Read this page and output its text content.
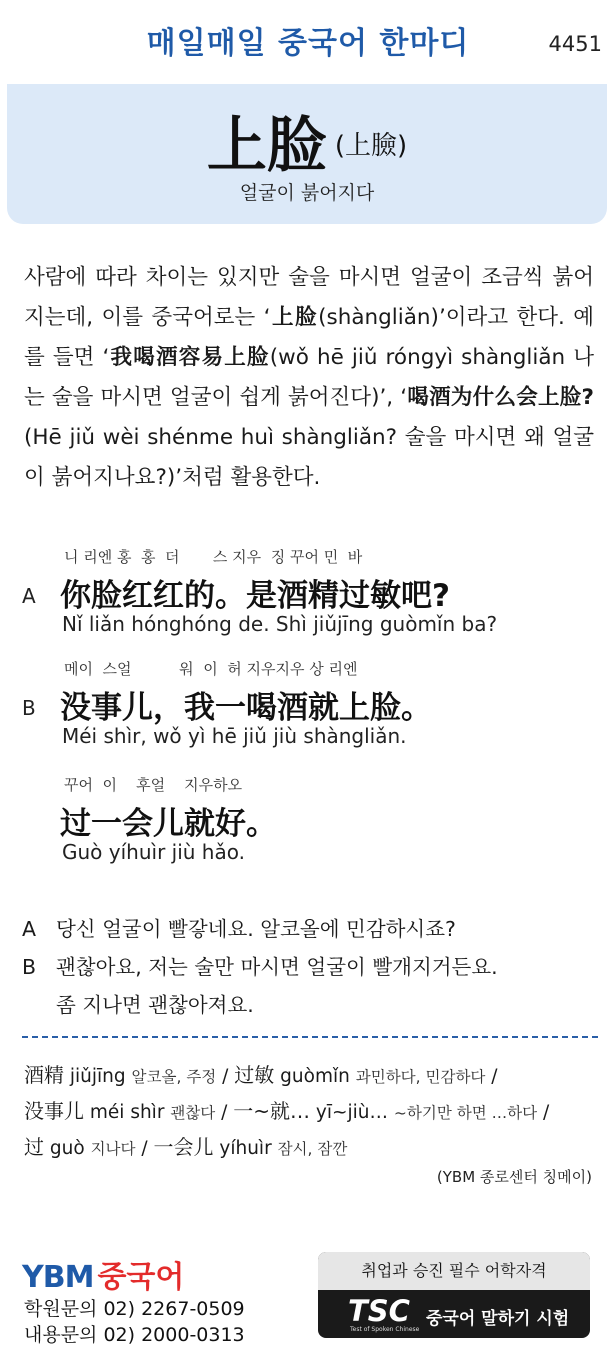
매일매일 중국어 한마디	4451
上脸 (上臉)
얼굴이 붉어지다
사람에 따라 차이는 있지만 술을 마시면 얼굴이 조금씩 붉어지는데, 이를 중국어로는 ‘上脸(shàngliǎn)’이라고 한다. 예를 들면 ‘我喝酒容易上脸(wǒ hē jiǔ róngyì shàngliǎn 나는 술을 마시면 얼굴이 쉽게 붉어진다)’, ‘喝酒为什么会上脸?(Hē jiǔ wèi shénme huì shàngliǎn? 술을 마시면 왜 얼굴이 붉어지나요?)’처럼 활용한다.
니 리엔 홍  홍  더       스 지우  징 꾸어 민  바
A 你脸红红的。是酒精过敏吧?
Nǐ liǎn hónghóng de. Shì jiǔjīng guòmǐn ba?
메이  스얼          워  이  허 지우지우 상 리엔
B 没事儿，我一喝酒就上脸。
Méi shìr, wǒ yì hē jiǔ jiù shàngliǎn.
꾸어  이    후얼    지우하오
过一会儿就好。
Guò yíhuìr jiù hǎo.
A 당신 얼굴이 빨갛네요. 알코올에 민감하시죠?
B 괜찮아요, 저는 술만 마시면 얼굴이 빨개지거든요.
좀 지나면 괜찮아져요.
酒精 jiǔjīng 알코올, 주정 / 过敏 guòmǐn 과민하다, 민감하다 /
没事儿 méi shìr 괜찮다 / 一~就… yī~jiù… ~하기만 하면 …하다 /
过 guò 지나다 / 一会儿 yíhuìr 잠시, 잠깐
(YBM 종로센터 칭메이)
YBM 중국어
학원문의 02) 2267-0509
내용문의 02) 2000-0313
취업과 승진 필수 어학자격
TSC
Test of Spoken Chinese
중국어 말하기 시험
